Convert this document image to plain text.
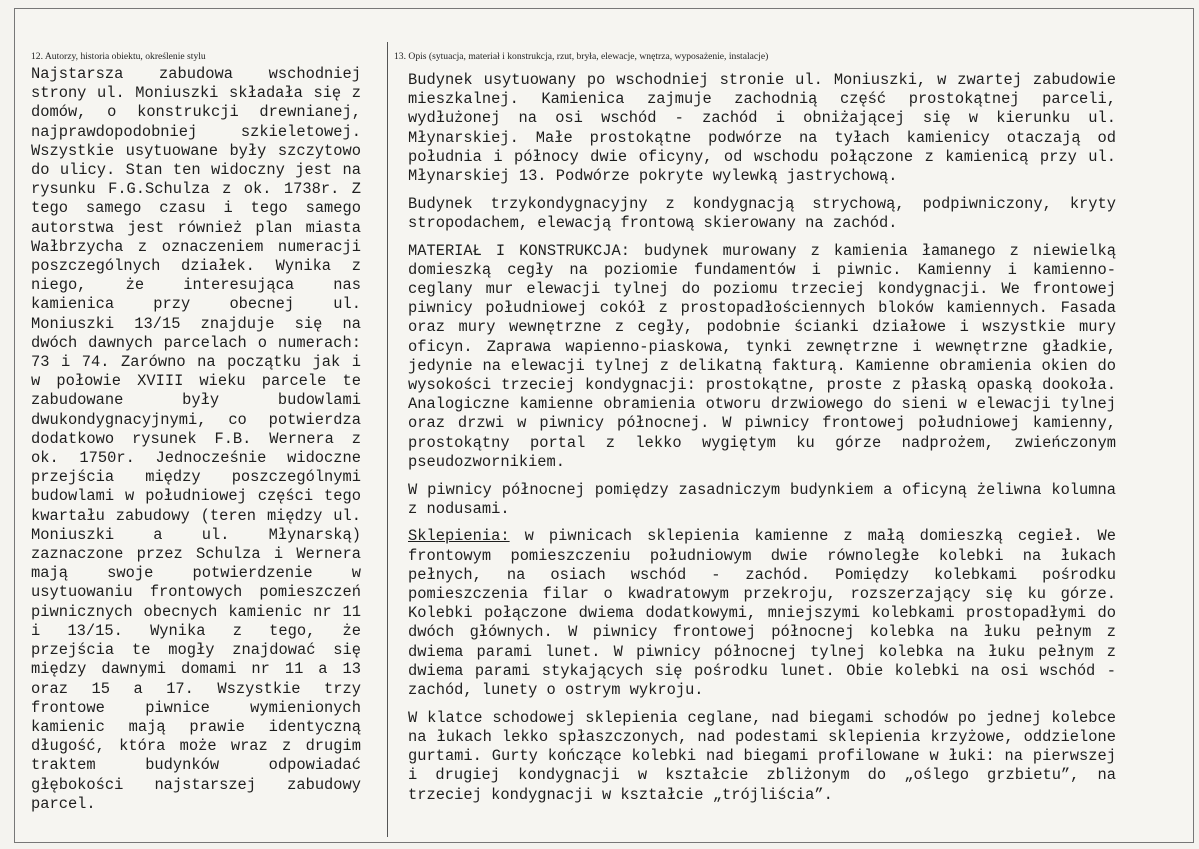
12. Autorzy, historia obiektu, określenie stylu	13. Opis (sytuacja, materiał i konstrukcja, rzut, bryła, elewacje, wnętrza, wyposażenie, instalacje)
Najstarsza zabudowa wschodniej strony ul. Moniuszki składała się z domów, o konstrukcji drewnianej, najprawdopodobniej szkieletowej. Wszystkie usytuowane były szczytowo do ulicy. Stan ten widoczny jest na rysunku F.G.Schulza z ok. 1738r. Z tego samego czasu i tego samego autorstwa jest również plan miasta Wałbrzycha z oznaczeniem numeracji poszczególnych działek. Wynika z niego, że interesująca nas kamienica przy obecnej ul. Moniuszki 13/15 znajduje się na dwóch dawnych parcelach o numerach: 73 i 74. Zarówno na początku jak i w połowie XVIII wieku parcele te zabudowane były budowlami dwukondygnacyjnymi, co potwierdza dodatkowo rysunek F.B. Wernera z ok. 1750r. Jednocześnie widoczne przejścia między poszczególnymi budowlami w południowej części tego kwartału zabudowy (teren między ul. Moniuszki a ul. Młynarską) zaznaczone przez Schulza i Wernera mają swoje potwierdzenie w usytuowaniu frontowych pomieszczeń piwnicznych obecnych kamienic nr 11 i 13/15. Wynika z tego, że przejścia te mogły znajdować się między dawnymi domami nr 11 a 13 oraz 15 a 17. Wszystkie trzy frontowe piwnice wymienionych kamienic mają prawie identyczną długość, która może wraz z drugim traktem budynków odpowiadać głębokości najstarszej zabudowy parcel.

Budynek usytuowany po wschodniej stronie ul. Moniuszki, w zwartej zabudowie mieszkalnej. Kamienica zajmuje zachodnią część prostokątnej parceli, wydłużonej na osi wschód - zachód i obniżającej się w kierunku ul. Młynarskiej. Małe prostokątne podwórze na tyłach kamienicy otaczają od południa i północy dwie oficyny, od wschodu połączone z kamienicą przy ul. Młynarskiej 13. Podwórze pokryte wylewką jastrychową.

Budynek trzykondygnacyjny z kondygnacją strychową, podpiwniczony, kryty stropodachem, elewacją frontową skierowany na zachód.

MATERIAŁ I KONSTRUKCJA: budynek murowany z kamienia łamanego z niewielką domieszką cegły na poziomie fundamentów i piwnic. Kamienny i kamienno-ceglany mur elewacji tylnej do poziomu trzeciej kondygnacji. We frontowej piwnicy południowej cokół z prostopadłościennych bloków kamiennych. Fasada oraz mury wewnętrzne z cegły, podobnie ścianki działowe i wszystkie mury oficyn. Zaprawa wapienno-piaskowa, tynki zewnętrzne i wewnętrzne gładkie, jedynie na elewacji tylnej z delikatną fakturą. Kamienne obramienia okien do wysokości trzeciej kondygnacji: prostokątne, proste z płaską opaską dookoła. Analogiczne kamienne obramienia otworu drzwiowego do sieni w elewacji tylnej oraz drzwi w piwnicy północnej. W piwnicy frontowej południowej kamienny, prostokątny portal z lekko wygiętym ku górze nadprożem, zwieńczonym pseudozwornikiem.

W piwnicy północnej pomiędzy zasadniczym budynkiem a oficyną żeliwna kolumna z nodusami.

Sklepienia: w piwnicach sklepienia kamienne z małą domieszką cegieł. We frontowym pomieszczeniu południowym dwie równoległe kolebki na łukach pełnych, na osiach wschód - zachód. Pomiędzy kolebkami pośrodku pomieszczenia filar o kwadratowym przekroju, rozszerzający się ku górze. Kolebki połączone dwiema dodatkowymi, mniejszymi kolebkami prostopadłymi do dwóch głównych. W piwnicy frontowej północnej kolebka na łuku pełnym z dwiema parami lunet. W piwnicy północnej tylnej kolebka na łuku pełnym z dwiema parami stykających się pośrodku lunet. Obie kolebki na osi wschód - zachód, lunety o ostrym wykroju.

W klatce schodowej sklepienia ceglane, nad biegami schodów po jednej kolebce na łukach lekko spłaszczonych, nad podestami sklepienia krzyżowe, oddzielone gurtami. Gurty kończące kolebki nad biegami profilowane w łuki: na pierwszej i drugiej kondygnacji w kształcie zbliżonym do „oślego grzbietu”, na trzeciej kondygnacji w kształcie „trójliścia”.
